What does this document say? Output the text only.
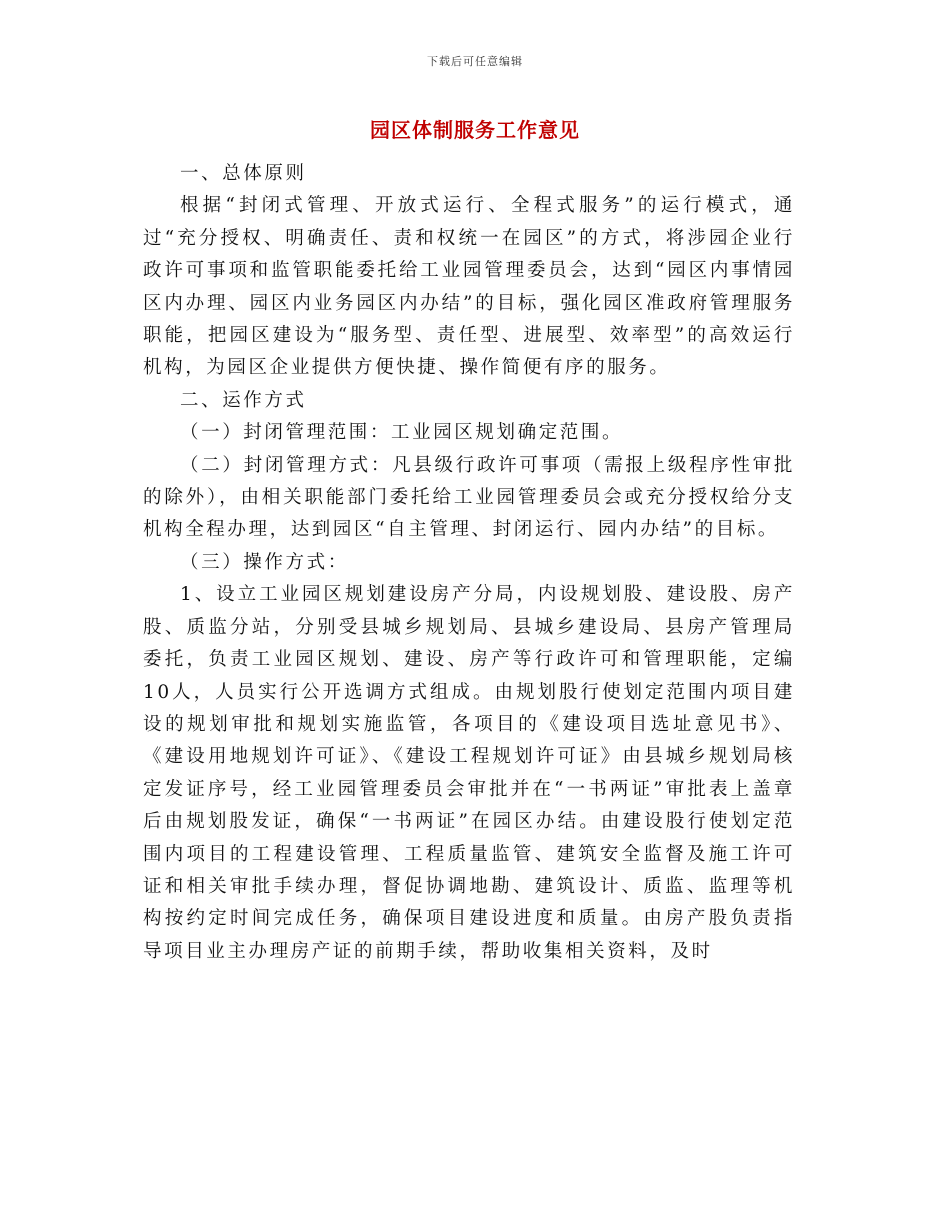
下载后可任意编辑
园区体制服务工作意见

一、总体原则

根据“封闭式管理、开放式运行、全程式服务”的运行模式，通过“充分授权、明确责任、责和权统一在园区”的方式，将涉园企业行政许可事项和监管职能委托给工业园管理委员会，达到“园区内事情园区内办理、园区内业务园区内办结”的目标，强化园区准政府管理服务职能，把园区建设为“服务型、责任型、进展型、效率型”的高效运行机构，为园区企业提供方便快捷、操作简便有序的服务。

二、运作方式

（一）封闭管理范围：工业园区规划确定范围。

（二）封闭管理方式：凡县级行政许可事项（需报上级程序性审批的除外），由相关职能部门委托给工业园管理委员会或充分授权给分支机构全程办理，达到园区“自主管理、封闭运行、园内办结”的目标。

（三）操作方式：

1、设立工业园区规划建设房产分局，内设规划股、建设股、房产股、质监分站，分别受县城乡规划局、县城乡建设局、县房产管理局委托，负责工业园区规划、建设、房产等行政许可和管理职能，定编10人，人员实行公开选调方式组成。由规划股行使划定范围内项目建设的规划审批和规划实施监管，各项目的《建设项目选址意见书》、《建设用地规划许可证》、《建设工程规划许可证》由县城乡规划局核定发证序号，经工业园管理委员会审批并在“一书两证”审批表上盖章后由规划股发证，确保“一书两证”在园区办结。由建设股行使划定范围内项目的工程建设管理、工程质量监管、建筑安全监督及施工许可证和相关审批手续办理，督促协调地勘、建筑设计、质监、监理等机构按约定时间完成任务，确保项目建设进度和质量。由房产股负责指导项目业主办理房产证的前期手续，帮助收集相关资料，及时
